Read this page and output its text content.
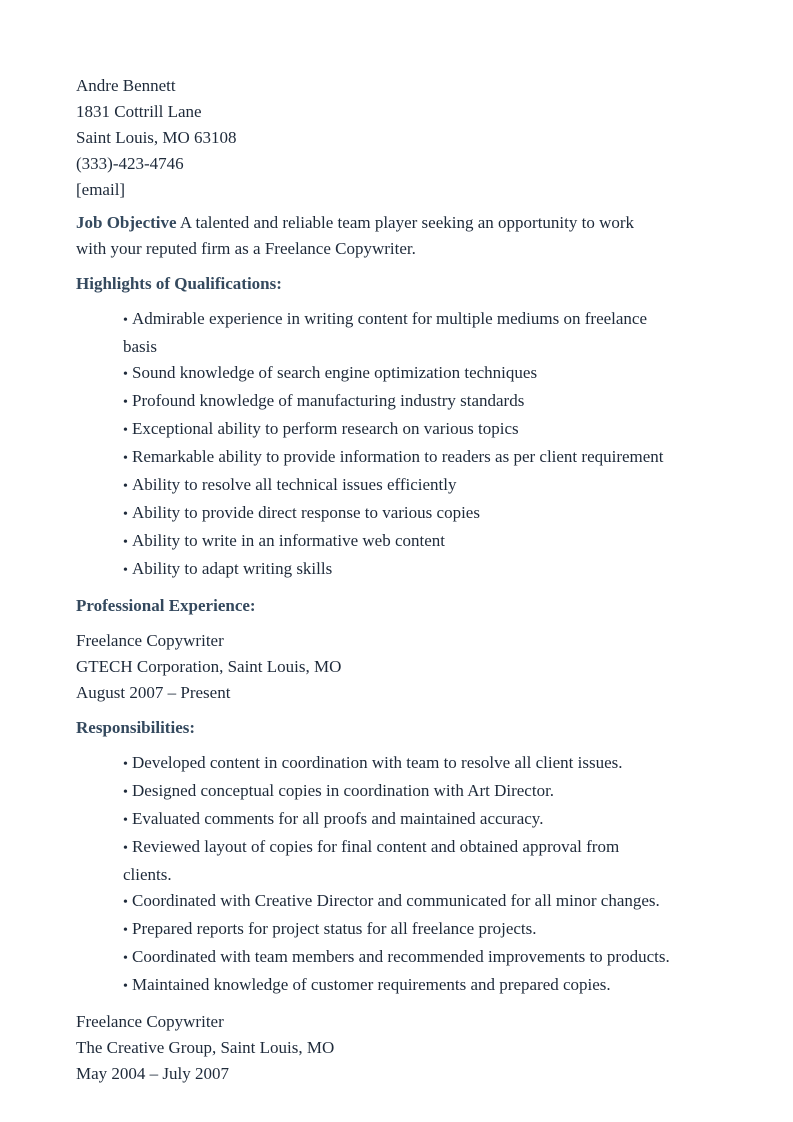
Andre Bennett
1831 Cottrill Lane
Saint Louis, MO 63108
(333)-423-4746
[email]
Job Objective A talented and reliable team player seeking an opportunity to work
with your reputed firm as a Freelance Copywriter.
Highlights of Qualifications:
• Admirable experience in writing content for multiple mediums on freelance
basis
• Sound knowledge of search engine optimization techniques
• Profound knowledge of manufacturing industry standards
• Exceptional ability to perform research on various topics
• Remarkable ability to provide information to readers as per client requirement
• Ability to resolve all technical issues efficiently
• Ability to provide direct response to various copies
• Ability to write in an informative web content
• Ability to adapt writing skills
Professional Experience:
Freelance Copywriter
GTECH Corporation, Saint Louis, MO
August 2007 – Present
Responsibilities:
• Developed content in coordination with team to resolve all client issues.
• Designed conceptual copies in coordination with Art Director.
• Evaluated comments for all proofs and maintained accuracy.
• Reviewed layout of copies for final content and obtained approval from
clients.
• Coordinated with Creative Director and communicated for all minor changes.
• Prepared reports for project status for all freelance projects.
• Coordinated with team members and recommended improvements to products.
• Maintained knowledge of customer requirements and prepared copies.
Freelance Copywriter
The Creative Group, Saint Louis, MO
May 2004 – July 2007
